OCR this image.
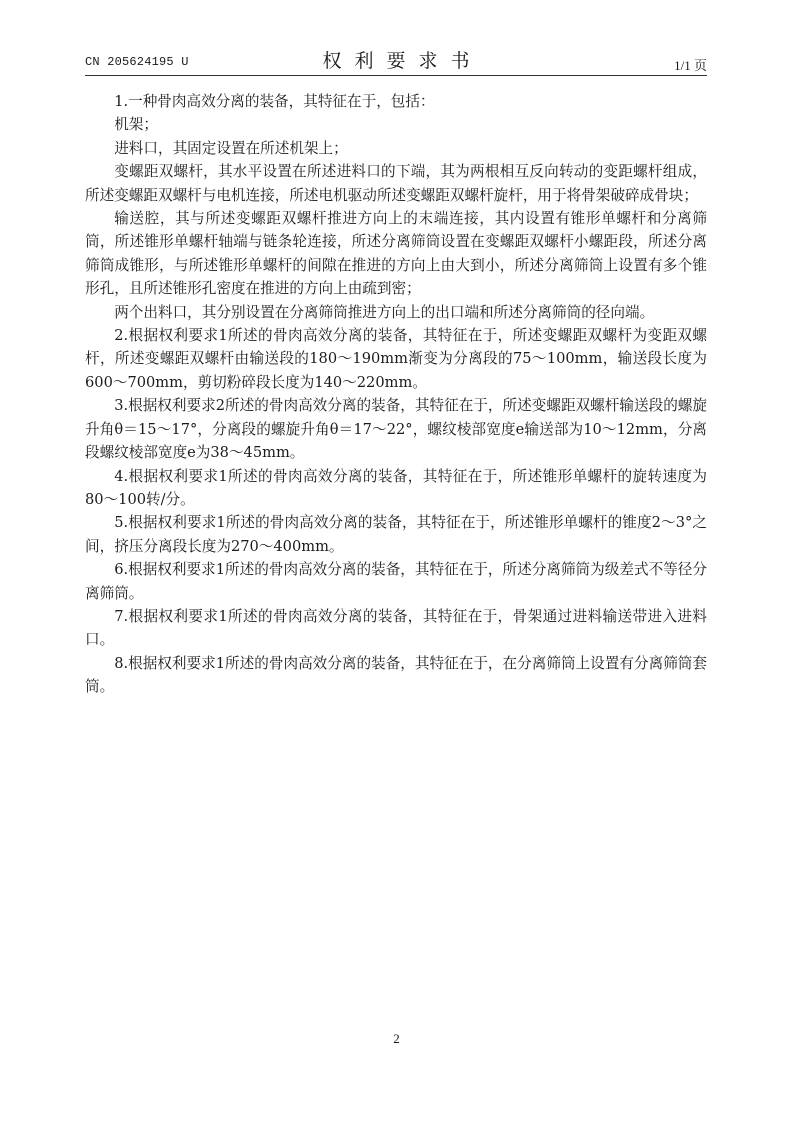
CN 205624195 U	权利要求书	1/1 页

1.一种骨肉高效分离的装备，其特征在于，包括：

机架；

进料口，其固定设置在所述机架上；

变螺距双螺杆，其水平设置在所述进料口的下端，其为两根相互反向转动的变距螺杆组成，所述变螺距双螺杆与电机连接，所述电机驱动所述变螺距双螺杆旋杆，用于将骨架破碎成骨块；

输送腔，其与所述变螺距双螺杆推进方向上的末端连接，其内设置有锥形单螺杆和分离筛筒，所述锥形单螺杆轴端与链条轮连接，所述分离筛筒设置在变螺距双螺杆小螺距段，所述分离筛筒成锥形，与所述锥形单螺杆的间隙在推进的方向上由大到小，所述分离筛筒上设置有多个锥形孔，且所述锥形孔密度在推进的方向上由疏到密；

两个出料口，其分别设置在分离筛筒推进方向上的出口端和所述分离筛筒的径向端。

2.根据权利要求1所述的骨肉高效分离的装备，其特征在于，所述变螺距双螺杆为变距双螺杆，所述变螺距双螺杆由输送段的180～190mm渐变为分离段的75～100mm，输送段长度为600～700mm，剪切粉碎段长度为140～220mm。

3.根据权利要求2所述的骨肉高效分离的装备，其特征在于，所述变螺距双螺杆输送段的螺旋升角θ＝15～17°，分离段的螺旋升角θ＝17～22°，螺纹棱部宽度e输送部为10～12mm，分离段螺纹棱部宽度e为38～45mm。

4.根据权利要求1所述的骨肉高效分离的装备，其特征在于，所述锥形单螺杆的旋转速度为80～100转/分。

5.根据权利要求1所述的骨肉高效分离的装备，其特征在于，所述锥形单螺杆的锥度2～3°之间，挤压分离段长度为270～400mm。

6.根据权利要求1所述的骨肉高效分离的装备，其特征在于，所述分离筛筒为级差式不等径分离筛筒。

7.根据权利要求1所述的骨肉高效分离的装备，其特征在于，骨架通过进料输送带进入进料口。

8.根据权利要求1所述的骨肉高效分离的装备，其特征在于，在分离筛筒上设置有分离筛筒套筒。

2
